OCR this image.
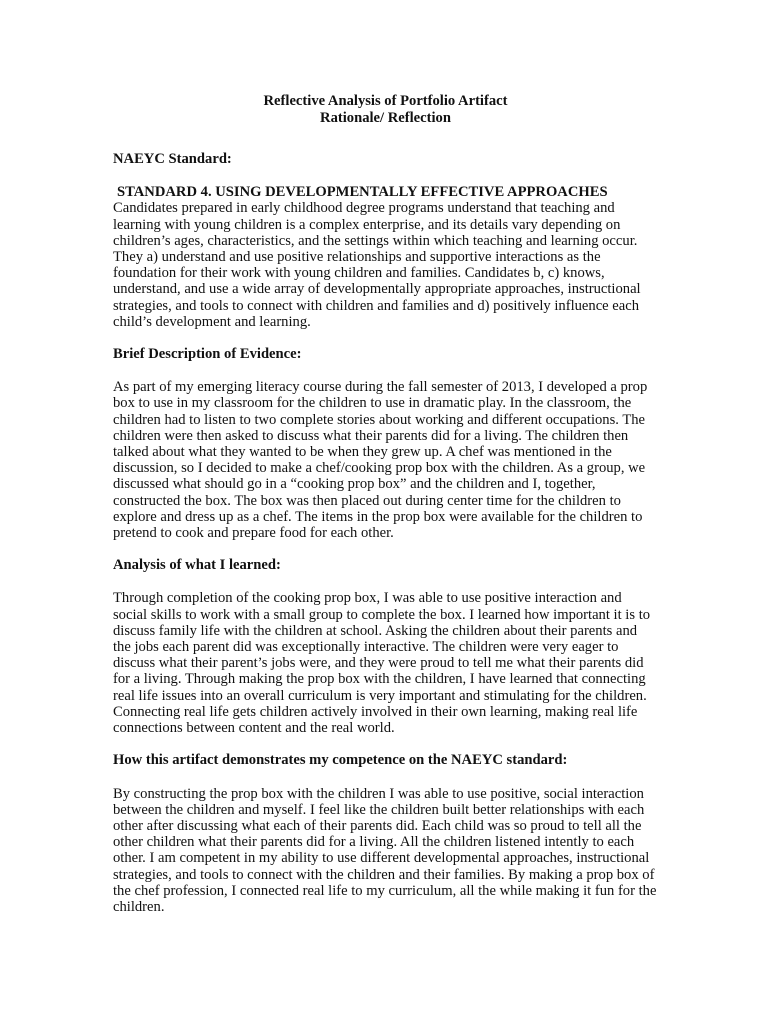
Reflective Analysis of Portfolio Artifact
Rationale/ Reflection
NAEYC Standard:

STANDARD 4. USING DEVELOPMENTALLY EFFECTIVE APPROACHES Candidates prepared in early childhood degree programs understand that teaching and learning with young children is a complex enterprise, and its details vary depending on children’s ages, characteristics, and the settings within which teaching and learning occur. They a) understand and use positive relationships and supportive interactions as the foundation for their work with young children and families. Candidates b, c) knows, understand, and use a wide array of developmentally appropriate approaches, instructional strategies, and tools to connect with children and families and d) positively influence each child’s development and learning.

Brief Description of Evidence:

As part of my emerging literacy course during the fall semester of 2013, I developed a prop box to use in my classroom for the children to use in dramatic play. In the classroom, the children had to listen to two complete stories about working and different occupations. The children were then asked to discuss what their parents did for a living. The children then talked about what they wanted to be when they grew up. A chef was mentioned in the discussion, so I decided to make a chef/cooking prop box with the children. As a group, we discussed what should go in a “cooking prop box” and the children and I, together, constructed the box. The box was then placed out during center time for the children to explore and dress up as a chef. The items in the prop box were available for the children to pretend to cook and prepare food for each other.

Analysis of what I learned:

Through completion of the cooking prop box, I was able to use positive interaction and social skills to work with a small group to complete the box. I learned how important it is to discuss family life with the children at school. Asking the children about their parents and the jobs each parent did was exceptionally interactive. The children were very eager to discuss what their parent’s jobs were, and they were proud to tell me what their parents did for a living. Through making the prop box with the children, I have learned that connecting real life issues into an overall curriculum is very important and stimulating for the children. Connecting real life gets children actively involved in their own learning, making real life connections between content and the real world.

How this artifact demonstrates my competence on the NAEYC standard:

By constructing the prop box with the children I was able to use positive, social interaction between the children and myself. I feel like the children built better relationships with each other after discussing what each of their parents did. Each child was so proud to tell all the other children what their parents did for a living. All the children listened intently to each other. I am competent in my ability to use different developmental approaches, instructional strategies, and tools to connect with the children and their families. By making a prop box of the chef profession, I connected real life to my curriculum, all the while making it fun for the children.
